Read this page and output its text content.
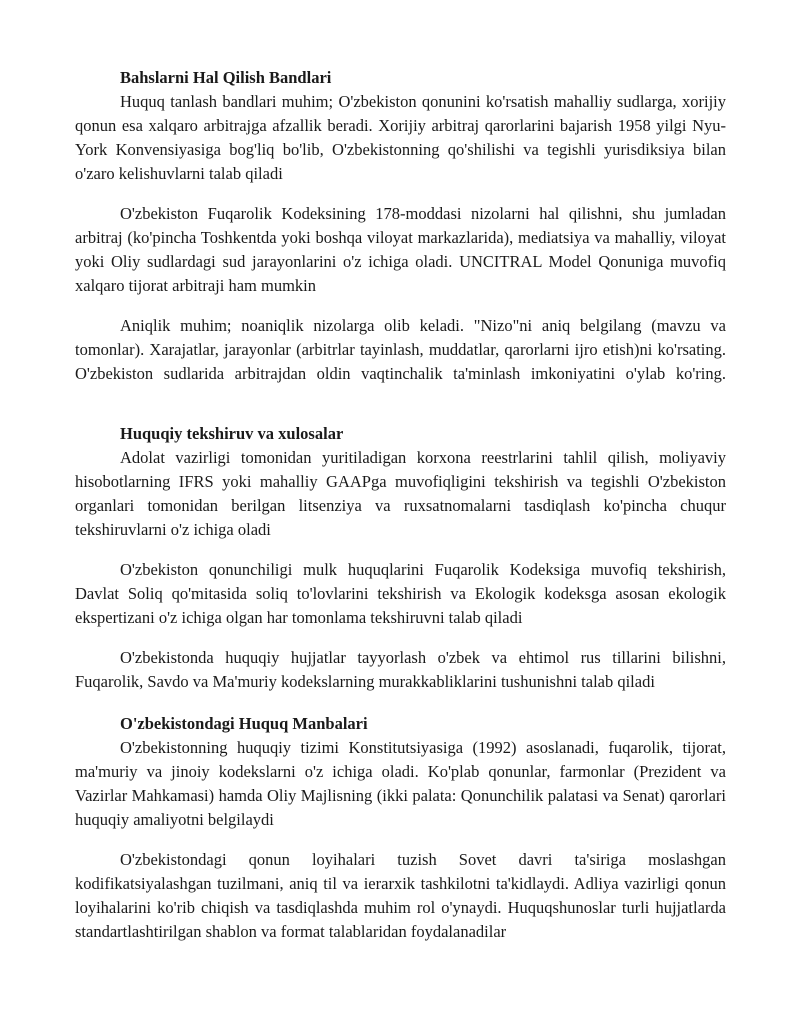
Bahslarni Hal Qilish Bandlari

Huquq tanlash bandlari muhim; O'zbekiston qonunini ko'rsatish mahalliy sudlarga, xorijiy qonun esa xalqaro arbitrajga afzallik beradi. Xorijiy arbitraj qarorlarini bajarish 1958 yilgi Nyu-York Konvensiyasiga bog'liq bo'lib, O'zbekistonning qo'shilishi va tegishli yurisdiksiya bilan o'zaro kelishuvlarni talab qiladi

O'zbekiston Fuqarolik Kodeksining 178-moddasi nizolarni hal qilishni, shu jumladan arbitraj (ko'pincha Toshkentda yoki boshqa viloyat markazlarida), mediatsiya va mahalliy, viloyat yoki Oliy sudlardagi sud jarayonlarini o'z ichiga oladi. UNCITRAL Model Qonuniga muvofiq xalqaro tijorat arbitraji ham mumkin

Aniqlik muhim; noaniqlik nizolarga olib keladi. "Nizo"ni aniq belgilang (mavzu va tomonlar). Xarajatlar, jarayonlar (arbitrlar tayinlash, muddatlar, qarorlarni ijro etish)ni ko'rsating. O'zbekiston sudlarida arbitrajdan oldin vaqtinchalik ta'minlash imkoniyatini o'ylab ko'ring.

Huquqiy tekshiruv va xulosalar

Adolat vazirligi tomonidan yuritiladigan korxona reestrlarini tahlil qilish, moliyaviy hisobotlarning IFRS yoki mahalliy GAAPga muvofiqligini tekshirish va tegishli O'zbekiston organlari tomonidan berilgan litsenziya va ruxsatnomalarni tasdiqlash ko'pincha chuqur tekshiruvlarni o'z ichiga oladi

O'zbekiston qonunchiligi mulk huquqlarini Fuqarolik Kodeksiga muvofiq tekshirish, Davlat Soliq qo'mitasida soliq to'lovlarini tekshirish va Ekologik kodeksga asosan ekologik ekspertizani o'z ichiga olgan har tomonlama tekshiruvni talab qiladi

O'zbekistonda huquqiy hujjatlar tayyorlash o'zbek va ehtimol rus tillarini bilishni, Fuqarolik, Savdo va Ma'muriy kodekslarning murakkabliklarini tushunishni talab qiladi

O'zbekistondagi Huquq Manbalari

O'zbekistonning huquqiy tizimi Konstitutsiyasiga (1992) asoslanadi, fuqarolik, tijorat, ma'muriy va jinoiy kodekslarni o'z ichiga oladi. Ko'plab qonunlar, farmonlar (Prezident va Vazirlar Mahkamasi) hamda Oliy Majlisning (ikki palata: Qonunchilik palatasi va Senat) qarorlari huquqiy amaliyotni belgilaydi

O'zbekistondagi qonun loyihalari tuzish Sovet davri ta'siriga moslashgan kodifikatsiyalashgan tuzilmani, aniq til va ierarxik tashkilotni ta'kidlaydi. Adliya vazirligi qonun loyihalarini ko'rib chiqish va tasdiqlashda muhim rol o'ynaydi. Huquqshunoslar turli hujjatlarda standartlashtirilgan shablon va format talablaridan foydalanadilar
